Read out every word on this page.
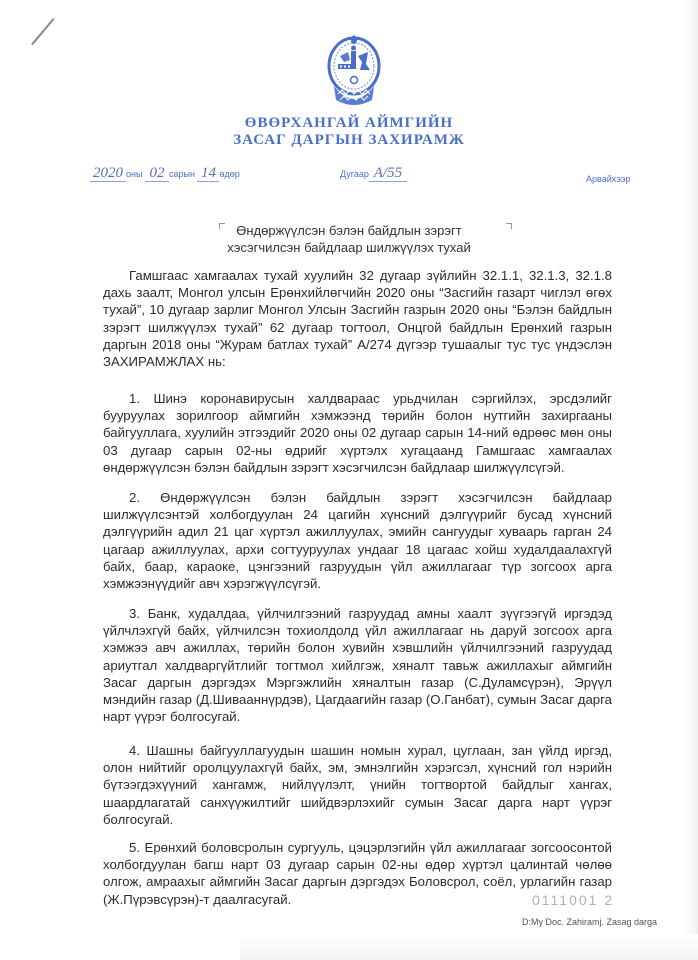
ӨВӨРХАНГАЙ АЙМГИЙН
ЗАСАГ ДАРГЫН ЗАХИРАМЖ
2020 оны 02 сарын 14 өдөр	Дугаар А/55	Арвайхээр
Өндөржүүлсэн бэлэн байдлын зэрэгт
хэсэгчилсэн байдлаар шилжүүлэх тухай

Гамшгаас хамгаалах тухай хуулийн 32 дугаар зүйлийн 32.1.1, 32.1.3, 32.1.8 дахь заалт, Монгол улсын Ерөнхийлөгчийн 2020 оны “Засгийн газарт чиглэл өгөх тухай”, 10 дугаар зарлиг Монгол Улсын Засгийн газрын 2020 оны “Бэлэн байдлын зэрэгт шилжүүлэх тухай” 62 дугаар тогтоол, Онцгой байдлын Ерөнхий газрын даргын 2018 оны “Журам батлах тухай” А/274 дүгээр тушаалыг тус тус үндэслэн ЗАХИРАМЖЛАХ нь:

1. Шинэ коронавирусын халдвараас урьдчилан сэргийлэх, эрсдэлийг бууруулах зорилгоор аймгийн хэмжээнд төрийн болон нутгийн захиргааны байгууллага, хуулийн этгээдийг 2020 оны 02 дугаар сарын 14-ний өдрөөс мөн оны 03 дугаар сарын 02-ны өдрийг хүртэлх хугацаанд Гамшгаас хамгаалах өндөржүүлсэн бэлэн байдлын зэрэгт хэсэгчилсэн байдлаар шилжүүлсүгэй.

2. Өндөржүүлсэн бэлэн байдлын зэрэгт хэсэгчилсэн байдлаар шилжүүлсэнтэй холбогдуулан 24 цагийн хүнсний дэлгүүрийг бусад хүнсний дэлгүүрийн адил 21 цаг хүртэл ажиллуулах, эмийн сангуудыг хуваарь гарган 24 цагаар ажиллуулах, архи согтууруулах ундааг 18 цагаас хойш худалдаалахгүй байх, баар, караоке, цэнгээний газруудын үйл ажиллагааг түр зогсоох арга хэмжээнүүдийг авч хэрэгжүүлсүгэй.

3. Банк, худалдаа, үйлчилгээний газруудад амны хаалт зүүгээгүй иргэдэд үйлчлэхгүй байх, үйлчилсэн тохиолдолд үйл ажиллагааг нь даруй зогсоох арга хэмжээ авч ажиллах, төрийн болон хувийн хэвшлийн үйлчилгээний газруудад ариутгал халдваргүйтлийг тогтмол хийлгэж, хяналт тавьж ажиллахыг аймгийн Засаг даргын дэргэдэх Мэргэжлийн хяналтын газар (С.Дуламсүрэн), Эрүүл мэндийн газар (Д.Шивааннүрдэв), Цагдаагийн газар (О.Ганбат), сумын Засаг дарга нарт үүрэг болгосугай.

4. Шашны байгууллагуудын шашин номын хурал, цуглаан, зан үйлд иргэд, олон нийтийг оролцуулахгүй байх, эм, эмнэлгийн хэрэгсэл, хүнсний гол нэрийн бүтээгдэхүүний хангамж, нийлүүлэлт, үнийн тогтвортой байдлыг хангах, шаардлагатай санхүүжилтийг шийдвэрлэхийг сумын Засаг дарга нарт үүрэг болгосугай.

5. Ерөнхий боловсролын сургууль, цэцэрлэгийн үйл ажиллагааг зогсоосонтой холбогдуулан багш нарт 03 дугаар сарын 02-ны өдөр хүртэл цалинтай чөлөө олгож, амраахыг аймгийн Засаг даргын дэргэдэх Боловсрол, соёл, урлагийн газар (Ж.Пүрэвсүрэн)-т даалгасугай.	0111001 2
D:My Doc. Zahiramj. Zasag darga
